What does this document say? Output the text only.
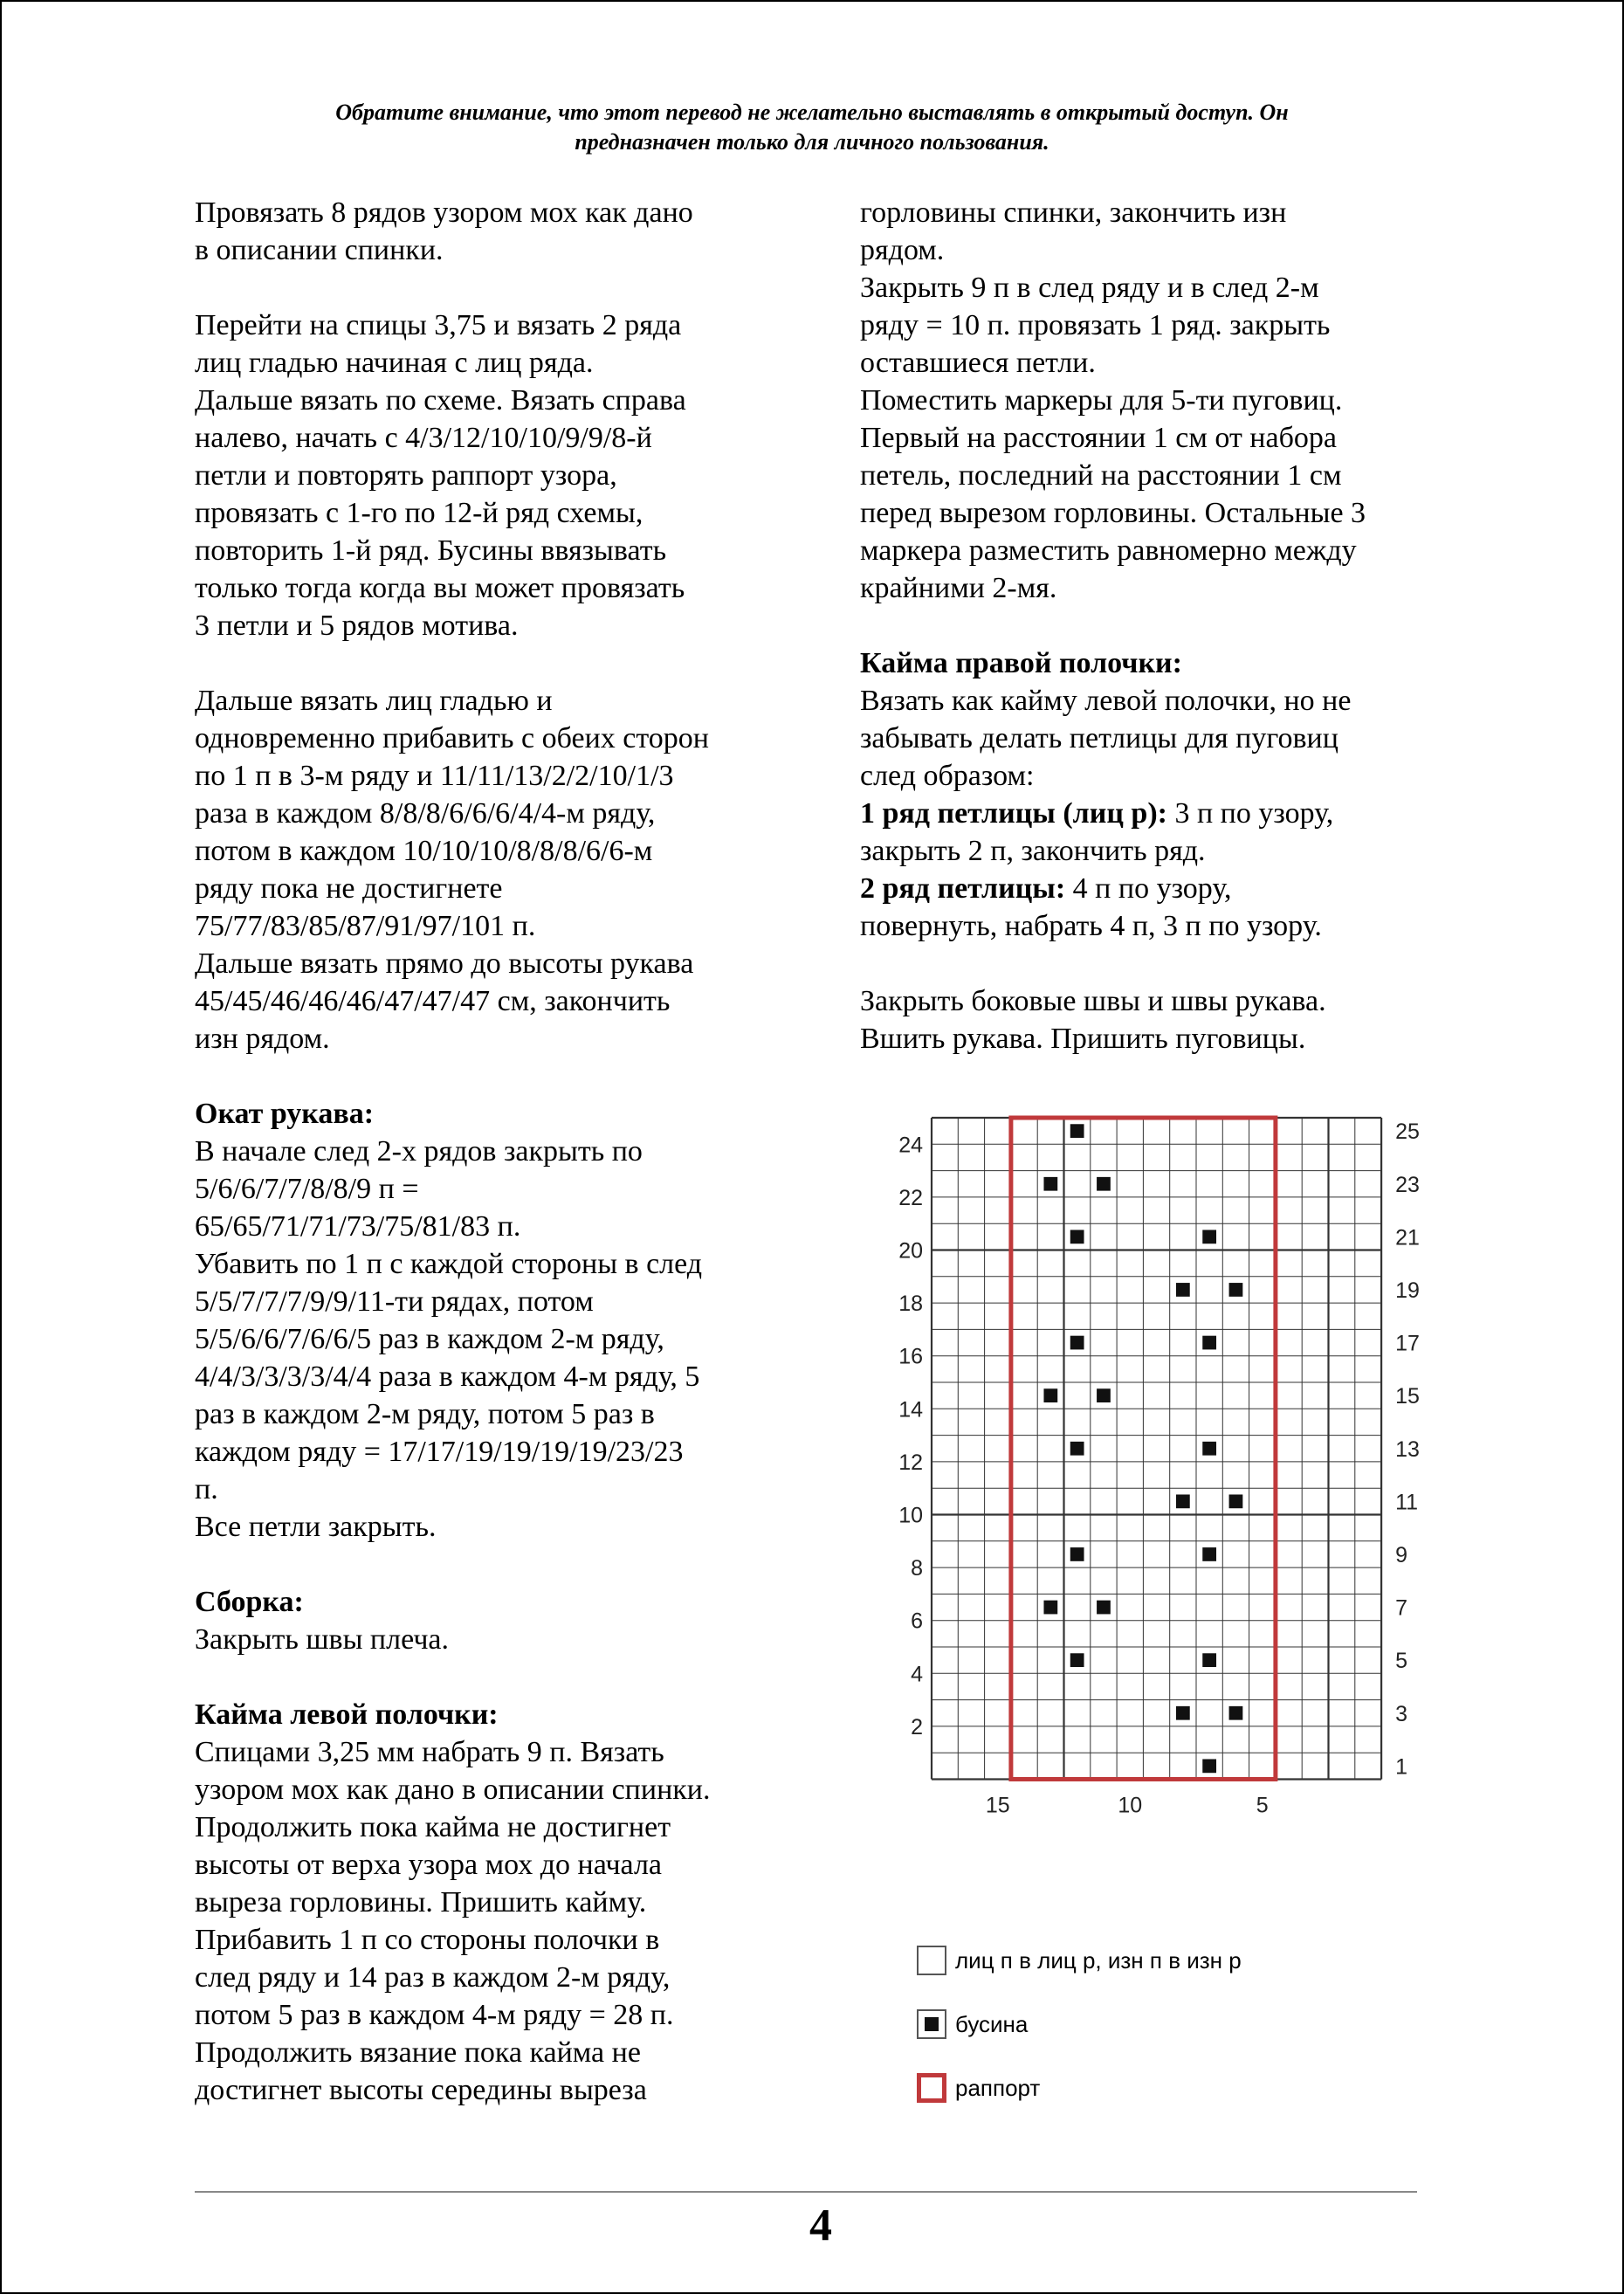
Обратите внимание, что этот перевод не желательно выставлять в открытый доступ. Он
предназначен только для личного пользования.

Провязать 8 рядов узором мох как дано
в описании спинки.

Перейти на спицы 3,75 и вязать 2 ряда
лиц гладью начиная с лиц ряда.
Дальше вязать по схеме. Вязать справа
налево, начать с 4/3/12/10/10/9/9/8-й
петли и повторять раппорт узора,
провязать с 1-го по 12-й ряд схемы,
повторить 1-й ряд. Бусины ввязывать
только тогда когда вы может провязать
3 петли и 5 рядов мотива.

Дальше вязать лиц гладью и
одновременно прибавить с обеих сторон
по 1 п в 3-м ряду и 11/11/13/2/2/10/1/3
раза в каждом 8/8/8/6/6/6/4/4-м ряду,
потом в каждом 10/10/10/8/8/8/6/6-м
ряду пока не достигнете
75/77/83/85/87/91/97/101 п.
Дальше вязать прямо до высоты рукава
45/45/46/46/46/47/47/47 см, закончить
изн рядом.

Окат рукава:
В начале след 2-х рядов закрыть по
5/6/6/7/7/8/8/9 п =
65/65/71/71/73/75/81/83 п.
Убавить по 1 п с каждой стороны в след
5/5/7/7/7/9/9/11-ти рядах, потом
5/5/6/6/7/6/6/5 раз в каждом 2-м ряду,
4/4/3/3/3/3/4/4 раза в каждом 4-м ряду, 5
раз в каждом 2-м ряду, потом 5 раз в
каждом ряду = 17/17/19/19/19/19/23/23
п.
Все петли закрыть.

Сборка:
Закрыть швы плеча.

Кайма левой полочки:
Спицами 3,25 мм набрать 9 п. Вязать
узором мох как дано в описании спинки.
Продолжить пока кайма не достигнет
высоты от верха узора мох до начала
выреза горловины. Пришить кайму.
Прибавить 1 п со стороны полочки в
след ряду и 14 раз в каждом 2-м ряду,
потом 5 раз в каждом 4-м ряду = 28 п.
Продолжить вязание пока кайма не
достигнет высоты середины выреза

горловины спинки, закончить изн
рядом.
Закрыть 9 п в след ряду и в след 2-м
ряду = 10 п. провязать 1 ряд. закрыть
оставшиеся петли.
Поместить маркеры для 5-ти пуговиц.
Первый на расстоянии 1 см от набора
петель, последний на расстоянии 1 см
перед вырезом горловины. Остальные 3
маркера разместить равномерно между
крайними 2-мя.

Кайма правой полочки:
Вязать как кайму левой полочки, но не
забывать делать петлицы для пуговиц
след образом:
1 ряд петлицы (лиц р): 3 п по узору,
закрыть 2 п, закончить ряд.
2 ряд петлицы: 4 п по узору,
повернуть, набрать 4 п, 3 п по узору.

Закрыть боковые швы и швы рукава.
Вшить рукава. Пришить пуговицы.

25
23
21
19
17
15
13
11
9
7
5
3
1
24
22
20
18
16
14
12
10
8
6
4
2
15	10	5
лиц п в лиц р, изн п в изн р
бусина
раппорт
4
